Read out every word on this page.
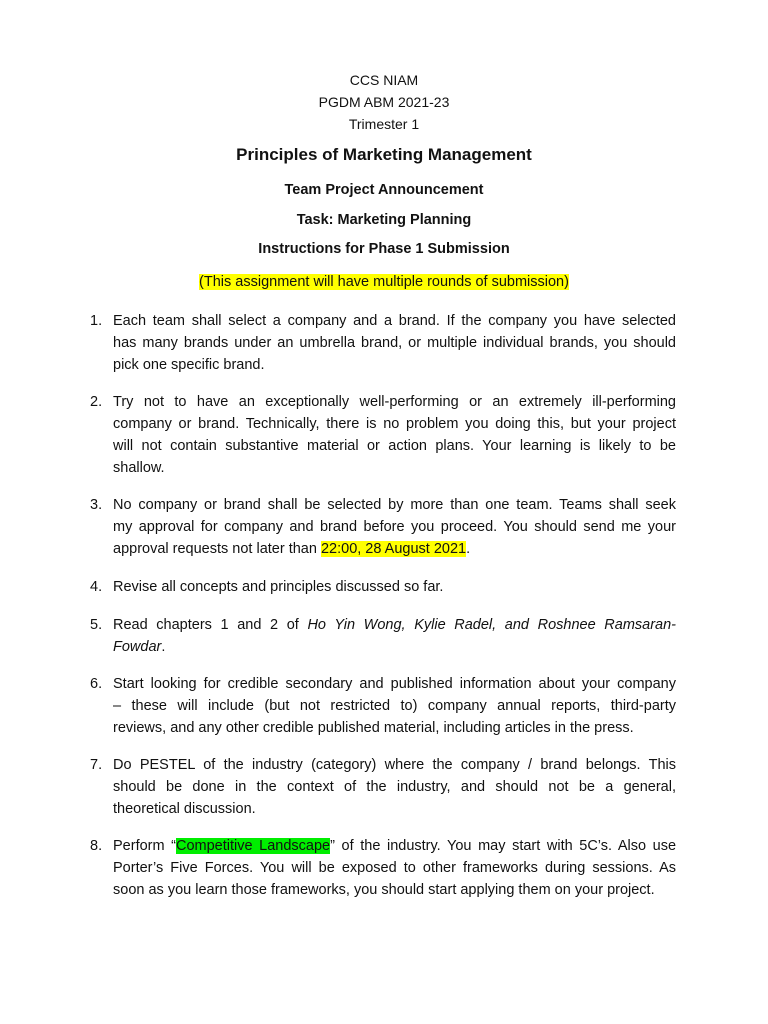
CCS NIAM
PGDM ABM 2021-23
Trimester 1
Principles of Marketing Management
Team Project Announcement
Task: Marketing Planning
Instructions for Phase 1 Submission
(This assignment will have multiple rounds of submission)
1. Each team shall select a company and a brand. If the company you have selected
has many brands under an umbrella brand, or multiple individual brands, you should
pick one specific brand.
2. Try not to have an exceptionally well-performing or an extremely ill-performing
company or brand. Technically, there is no problem you doing this, but your project
will not contain substantive material or action plans. Your learning is likely to be
shallow.
3. No company or brand shall be selected by more than one team. Teams shall seek
my approval for company and brand before you proceed. You should send me your
approval requests not later than 22:00, 28 August 2021.
4. Revise all concepts and principles discussed so far.
5. Read chapters 1 and 2 of Ho Yin Wong, Kylie Radel, and Roshnee Ramsaran-
Fowdar.
6. Start looking for credible secondary and published information about your company
– these will include (but not restricted to) company annual reports, third-party
reviews, and any other credible published material, including articles in the press.
7. Do PESTEL of the industry (category) where the company / brand belongs. This
should be done in the context of the industry, and should not be a general,
theoretical discussion.
8. Perform “Competitive Landscape” of the industry. You may start with 5C’s. Also use
Porter’s Five Forces. You will be exposed to other frameworks during sessions. As
soon as you learn those frameworks, you should start applying them on your project.
